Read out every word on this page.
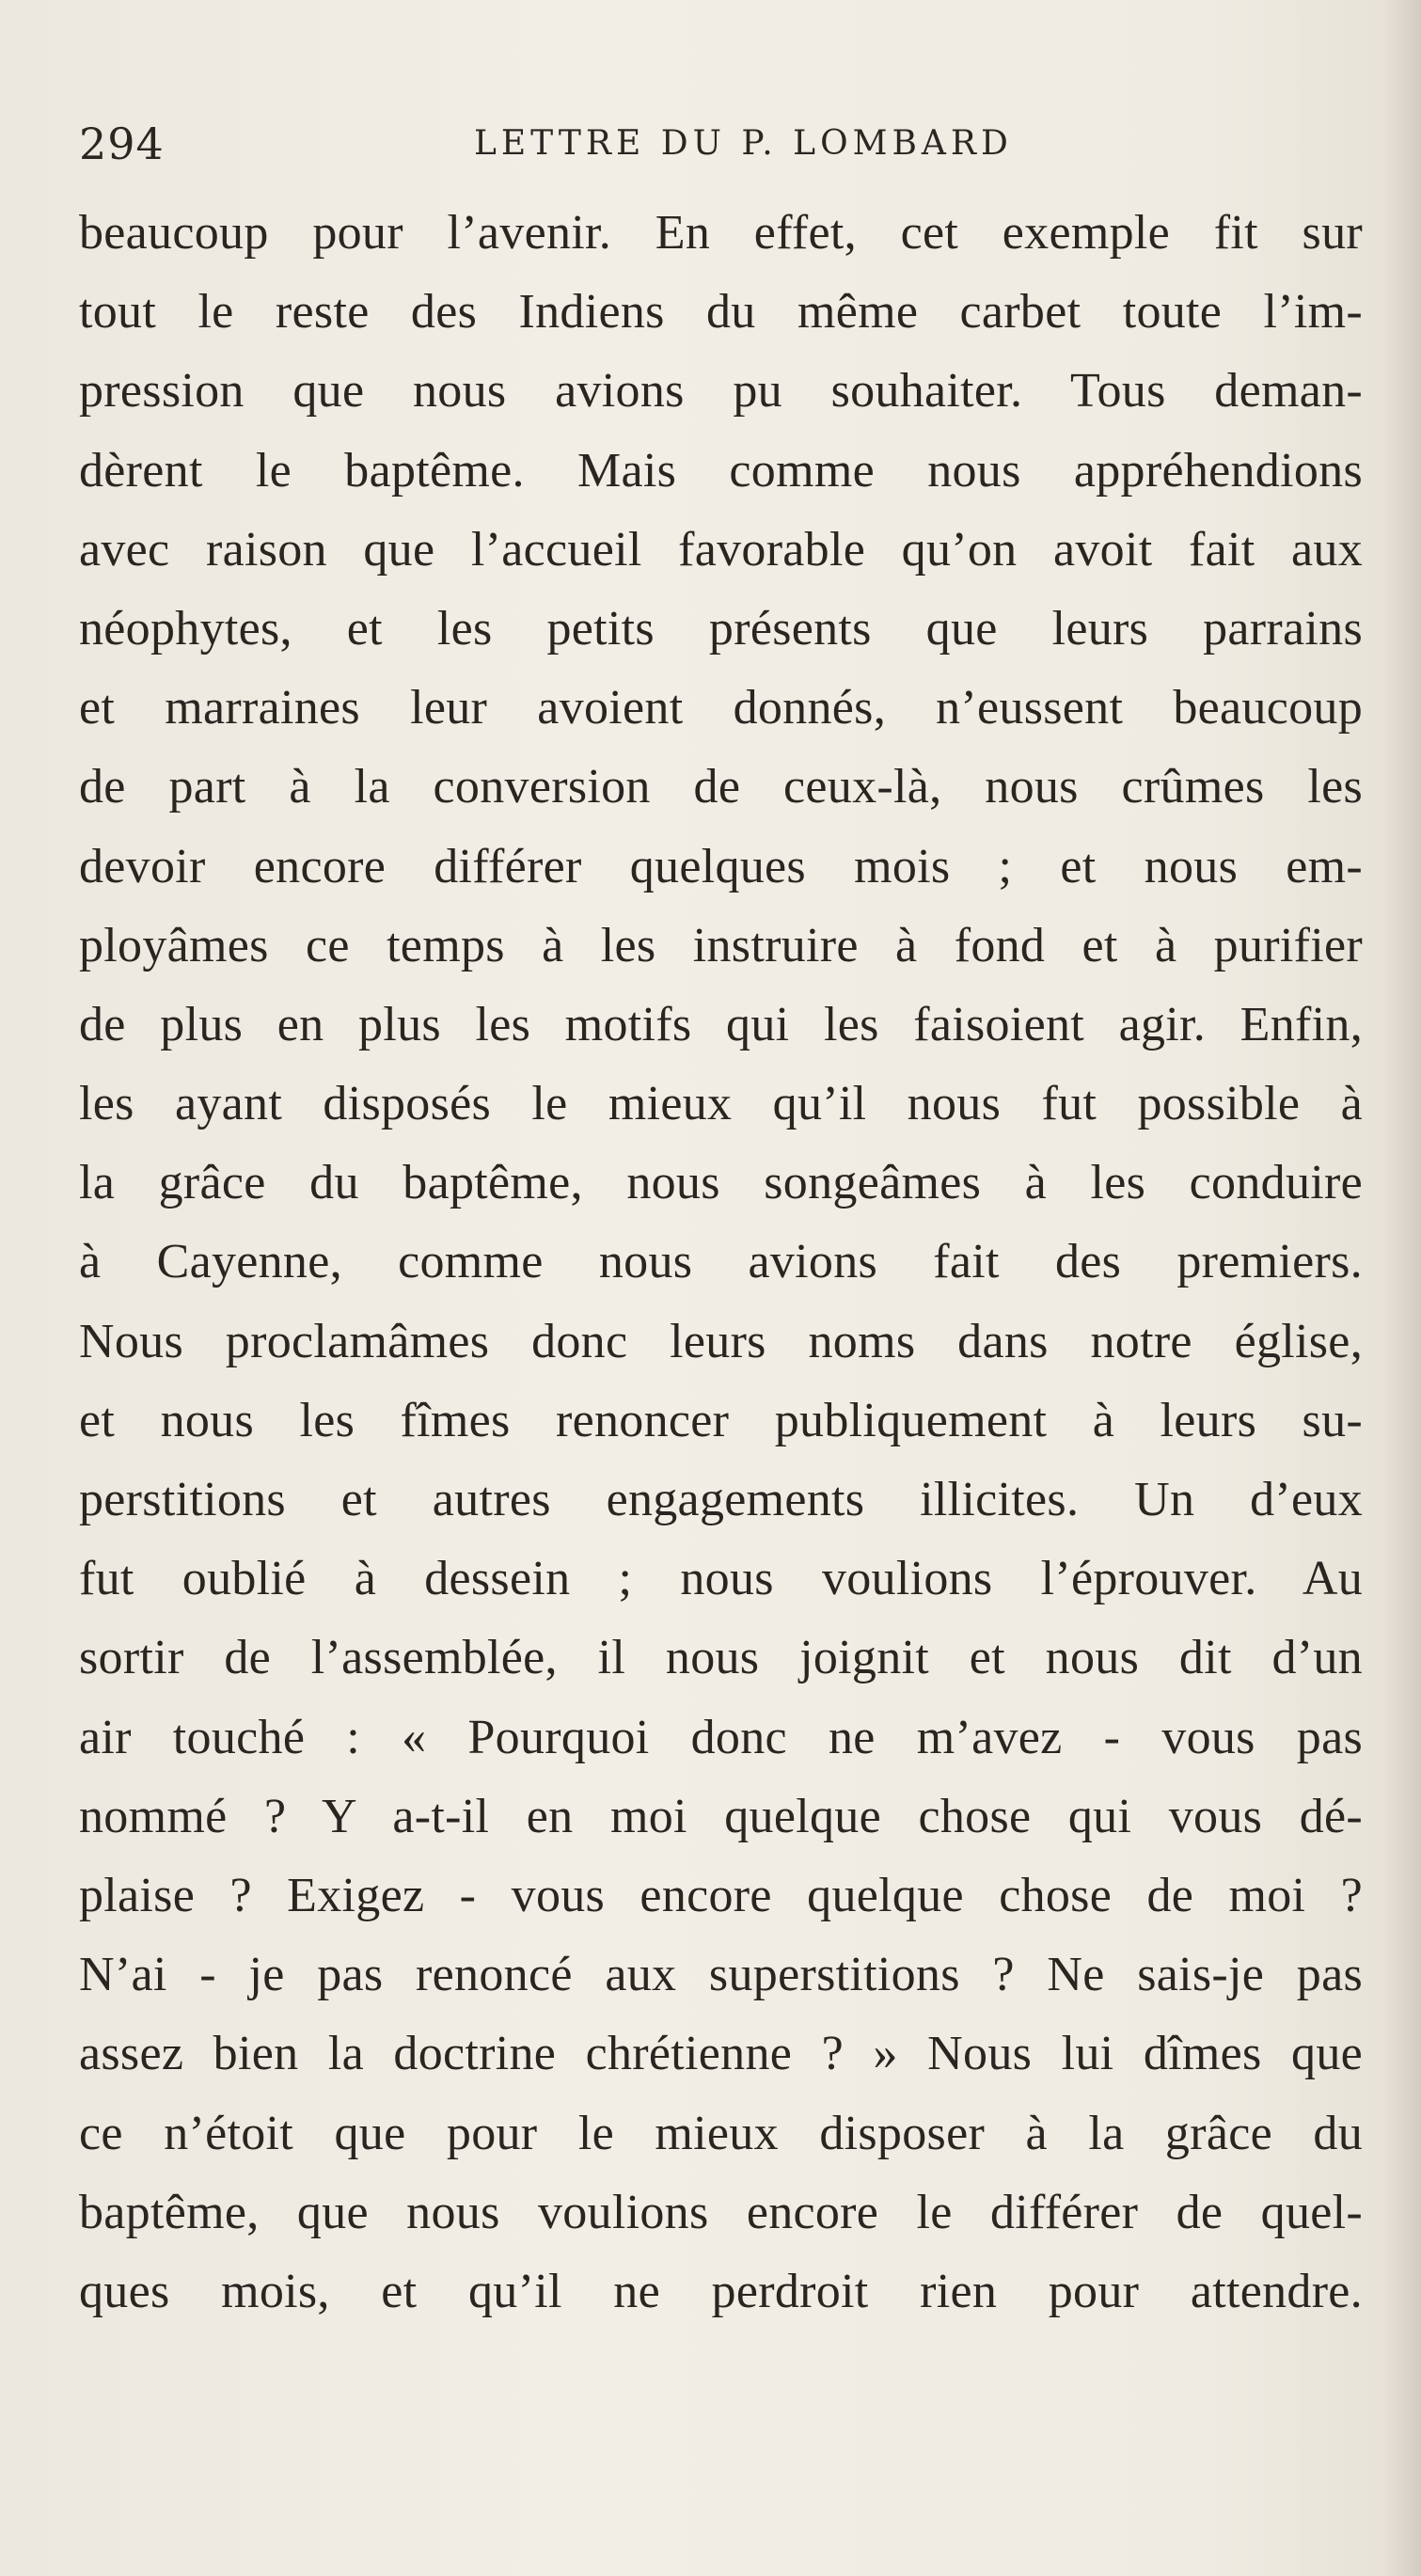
294	LETTRE DU P. LOMBARD
beaucoup pour l’avenir. En effet, cet exemple fit sur
tout le reste des Indiens du même carbet toute l’im-
pression que nous avions pu souhaiter. Tous deman-
dèrent le baptême. Mais comme nous appréhendions
avec raison que l’accueil favorable qu’on avoit fait aux
néophytes, et les petits présents que leurs parrains
et marraines leur avoient donnés, n’eussent beaucoup
de part à la conversion de ceux-là, nous crûmes les
devoir encore différer quelques mois ; et nous em-
ployâmes ce temps à les instruire à fond et à purifier
de plus en plus les motifs qui les faisoient agir. Enfin,
les ayant disposés le mieux qu’il nous fut possible à
la grâce du baptême, nous songeâmes à les conduire
à Cayenne, comme nous avions fait des premiers.
Nous proclamâmes donc leurs noms dans notre église,
et nous les fîmes renoncer publiquement à leurs su-
perstitions et autres engagements illicites. Un d’eux
fut oublié à dessein ; nous voulions l’éprouver. Au
sortir de l’assemblée, il nous joignit et nous dit d’un
air touché : « Pourquoi donc ne m’avez - vous pas
nommé ? Y a-t-il en moi quelque chose qui vous dé-
plaise ? Exigez - vous encore quelque chose de moi ?
N’ai - je pas renoncé aux superstitions ? Ne sais-je pas
assez bien la doctrine chrétienne ? » Nous lui dîmes que
ce n’étoit que pour le mieux disposer à la grâce du
baptême, que nous voulions encore le différer de quel-
ques mois, et qu’il ne perdroit rien pour attendre.
